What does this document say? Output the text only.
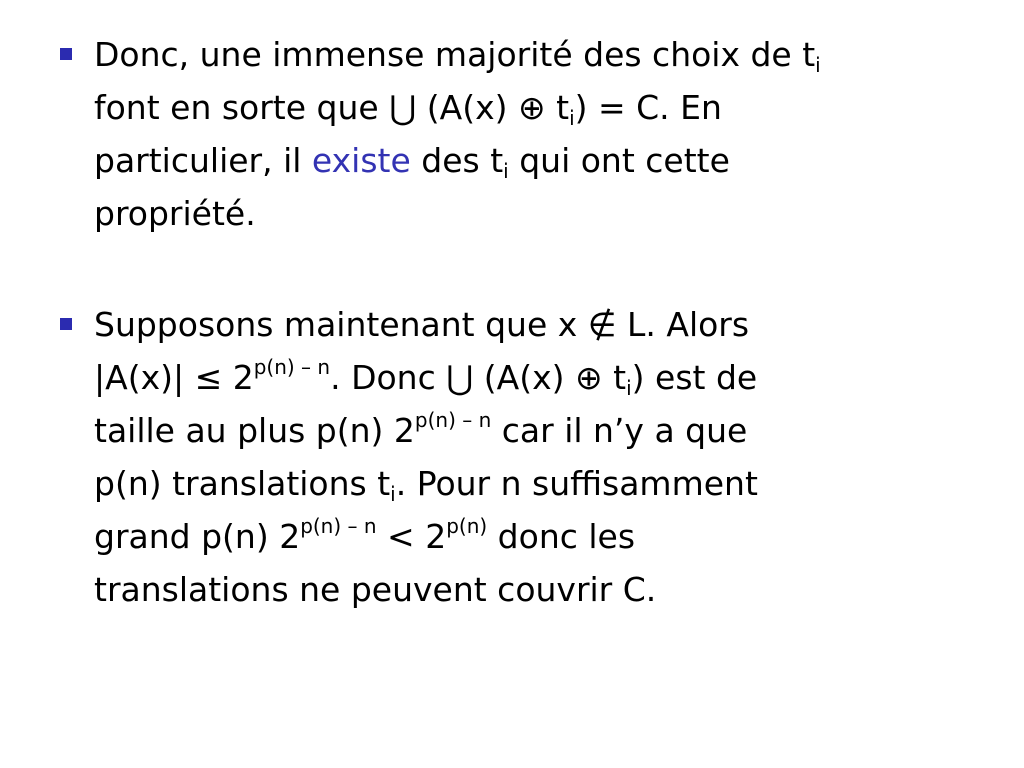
Donc, une immense majorité des choix de $t_i$
font en sorte que ⋃ (A(x) ⊕ $t_i) = C$. En
particulier, il existe des $t_i$ qui ont cette
propriété.
Supposons maintenant que x ∉ L. Alors
$|A(x)| \le 2^{p(n) - n}$. Donc ⋃ (A(x) ⊕ $t_i$) est de
taille au plus p(n) $2^{p(n) - n}$ car il n’y a que
p(n) translations $t_i$. Pour n suffisamment
grand p(n) $2^{p(n) - n} < 2^{p(n)}$ donc les
translations ne peuvent couvrir C.
